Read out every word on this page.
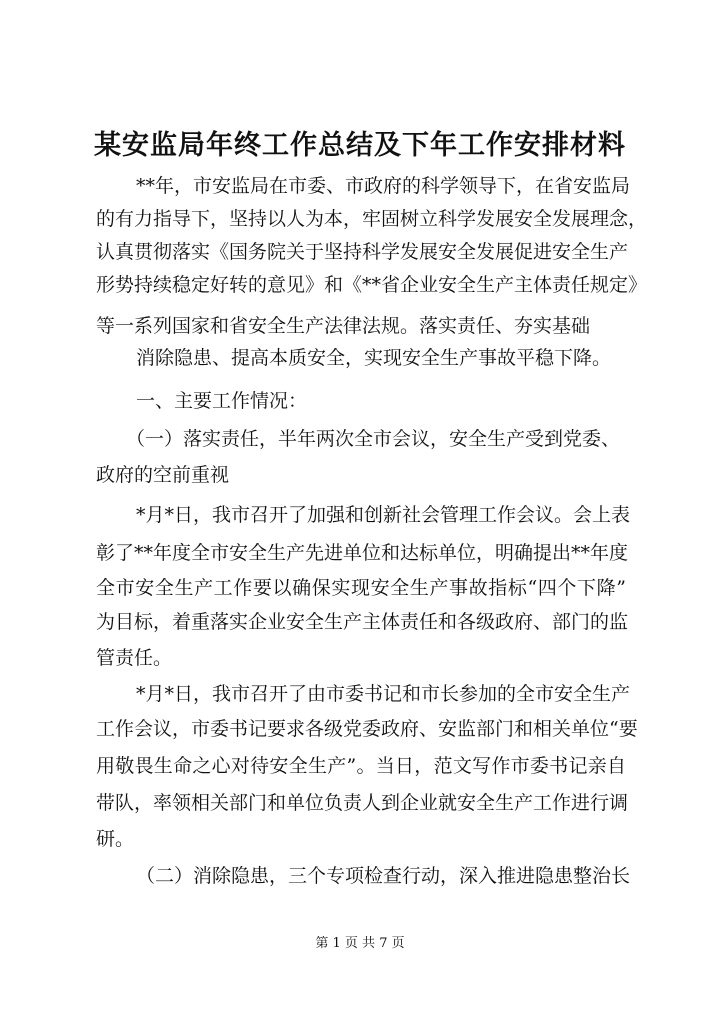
某安监局年终工作总结及下年工作安排材料
**年，市安监局在市委、市政府的科学领导下，在省安监局
的有力指导下，坚持以人为本，牢固树立科学发展安全发展理念，
认真贯彻落实《国务院关于坚持科学发展安全发展促进安全生产
形势持续稳定好转的意见》和《**省企业安全生产主体责任规定》
等一系列国家和省安全生产法律法规。落实责任、夯实基础
消除隐患、提高本质安全，实现安全生产事故平稳下降。
一、主要工作情况：
（一）落实责任，半年两次全市会议，安全生产受到党委、
政府的空前重视
*月*日，我市召开了加强和创新社会管理工作会议。会上表
彰了**年度全市安全生产先进单位和达标单位，明确提出**年度
全市安全生产工作要以确保实现安全生产事故指标“四个下降”
为目标，着重落实企业安全生产主体责任和各级政府、部门的监
管责任。
*月*日，我市召开了由市委书记和市长参加的全市安全生产
工作会议，市委书记要求各级党委政府、安监部门和相关单位“要
用敬畏生命之心对待安全生产”。当日，范文写作市委书记亲自
带队，率领相关部门和单位负责人到企业就安全生产工作进行调
研。
（二）消除隐患，三个专项检查行动，深入推进隐患整治长
第 1 页 共 7 页
